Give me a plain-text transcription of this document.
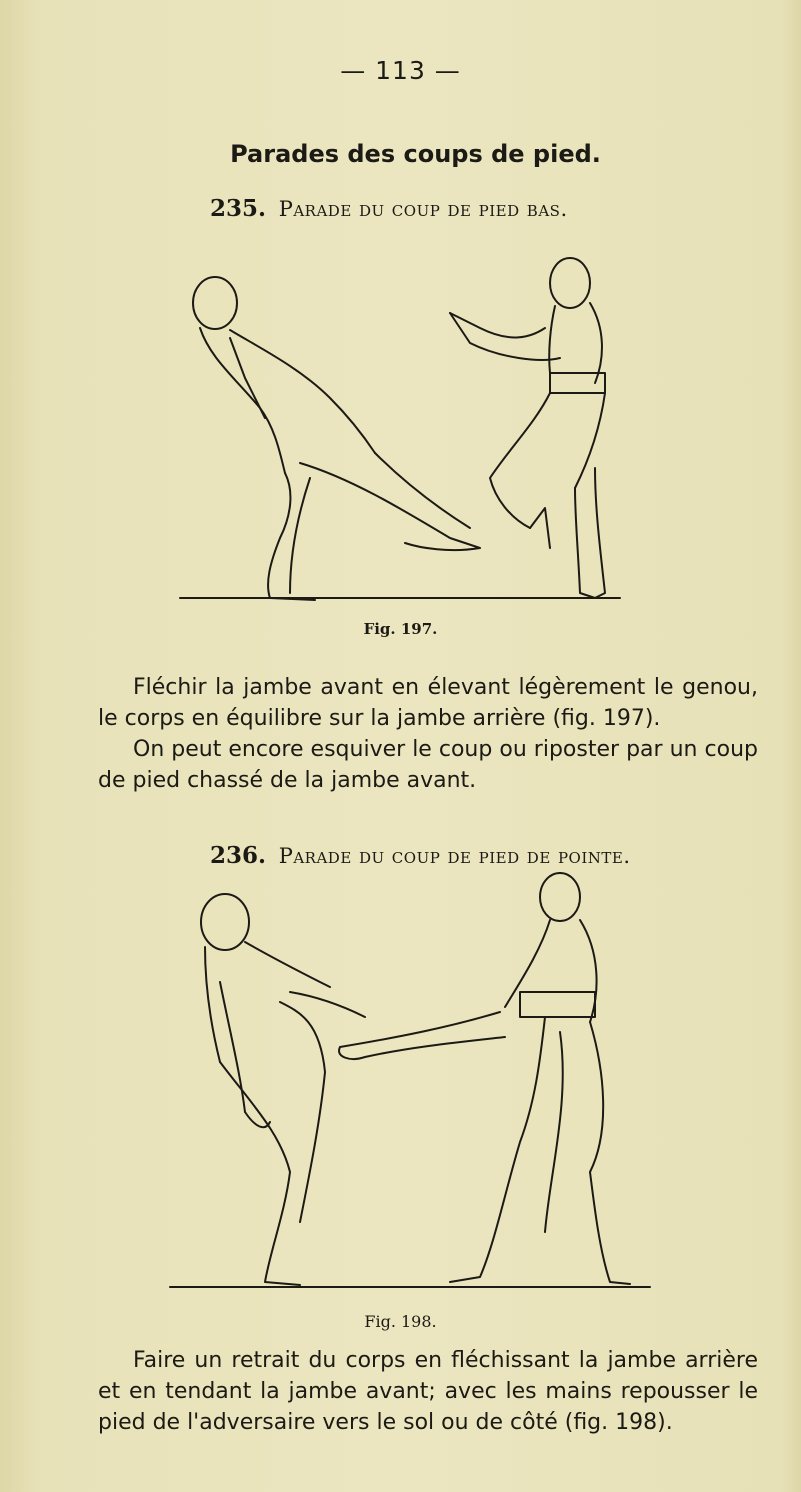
— 113 —
Parades des coups de pied.
235. Parade du coup de pied bas.
Fig. 197.

Fléchir la jambe avant en élevant légèrement le genou, le corps en équilibre sur la jambe arrière (fig. 197).

On peut encore esquiver le coup ou riposter par un coup de pied chassé de la jambe avant.

236. Parade du coup de pied de pointe.
Fig. 198.

Faire un retrait du corps en fléchissant la jambe arrière et en tendant la jambe avant; avec les mains repousser le pied de l'adversaire vers le sol ou de côté (fig. 198).
